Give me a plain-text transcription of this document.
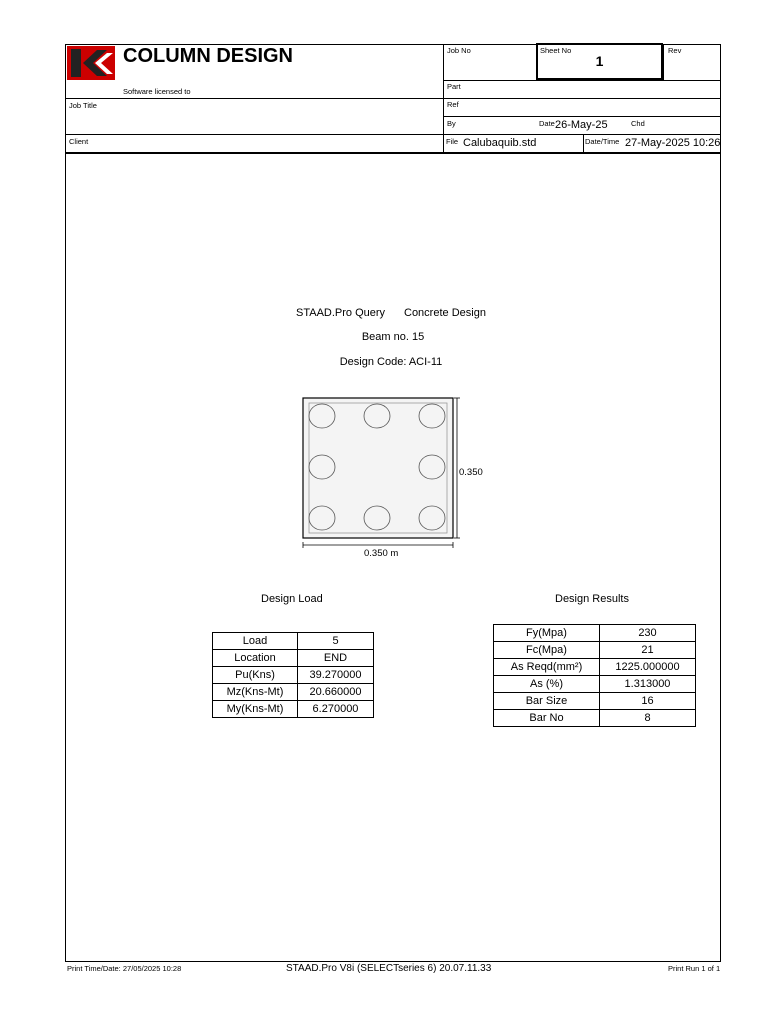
COLUMN DESIGN
Software licensed to
Job Title
Client
Job No	Sheet No
1
Rev
Part
Ref
By	Date 26-May-25	Chd
File Calubaquib.std	Date/Time 27-May-2025 10:26
STAAD.Pro Query Concrete Design
Beam no. 15
Design Code: ACI-11
0.350
0.350 m
Design Load	Design Results
Load	5
Location	END
Pu(Kns)	39.270000
Mz(Kns-Mt)	20.660000
My(Kns-Mt)	6.270000
Fy(Mpa)	230
Fc(Mpa)	21
As Reqd(mm²)	1225.000000
As (%)	1.313000
Bar Size	16
Bar No	8
Print Time/Date: 27/05/2025 10:28	STAAD.Pro V8i (SELECTseries 6) 20.07.11.33	Print Run 1 of 1
